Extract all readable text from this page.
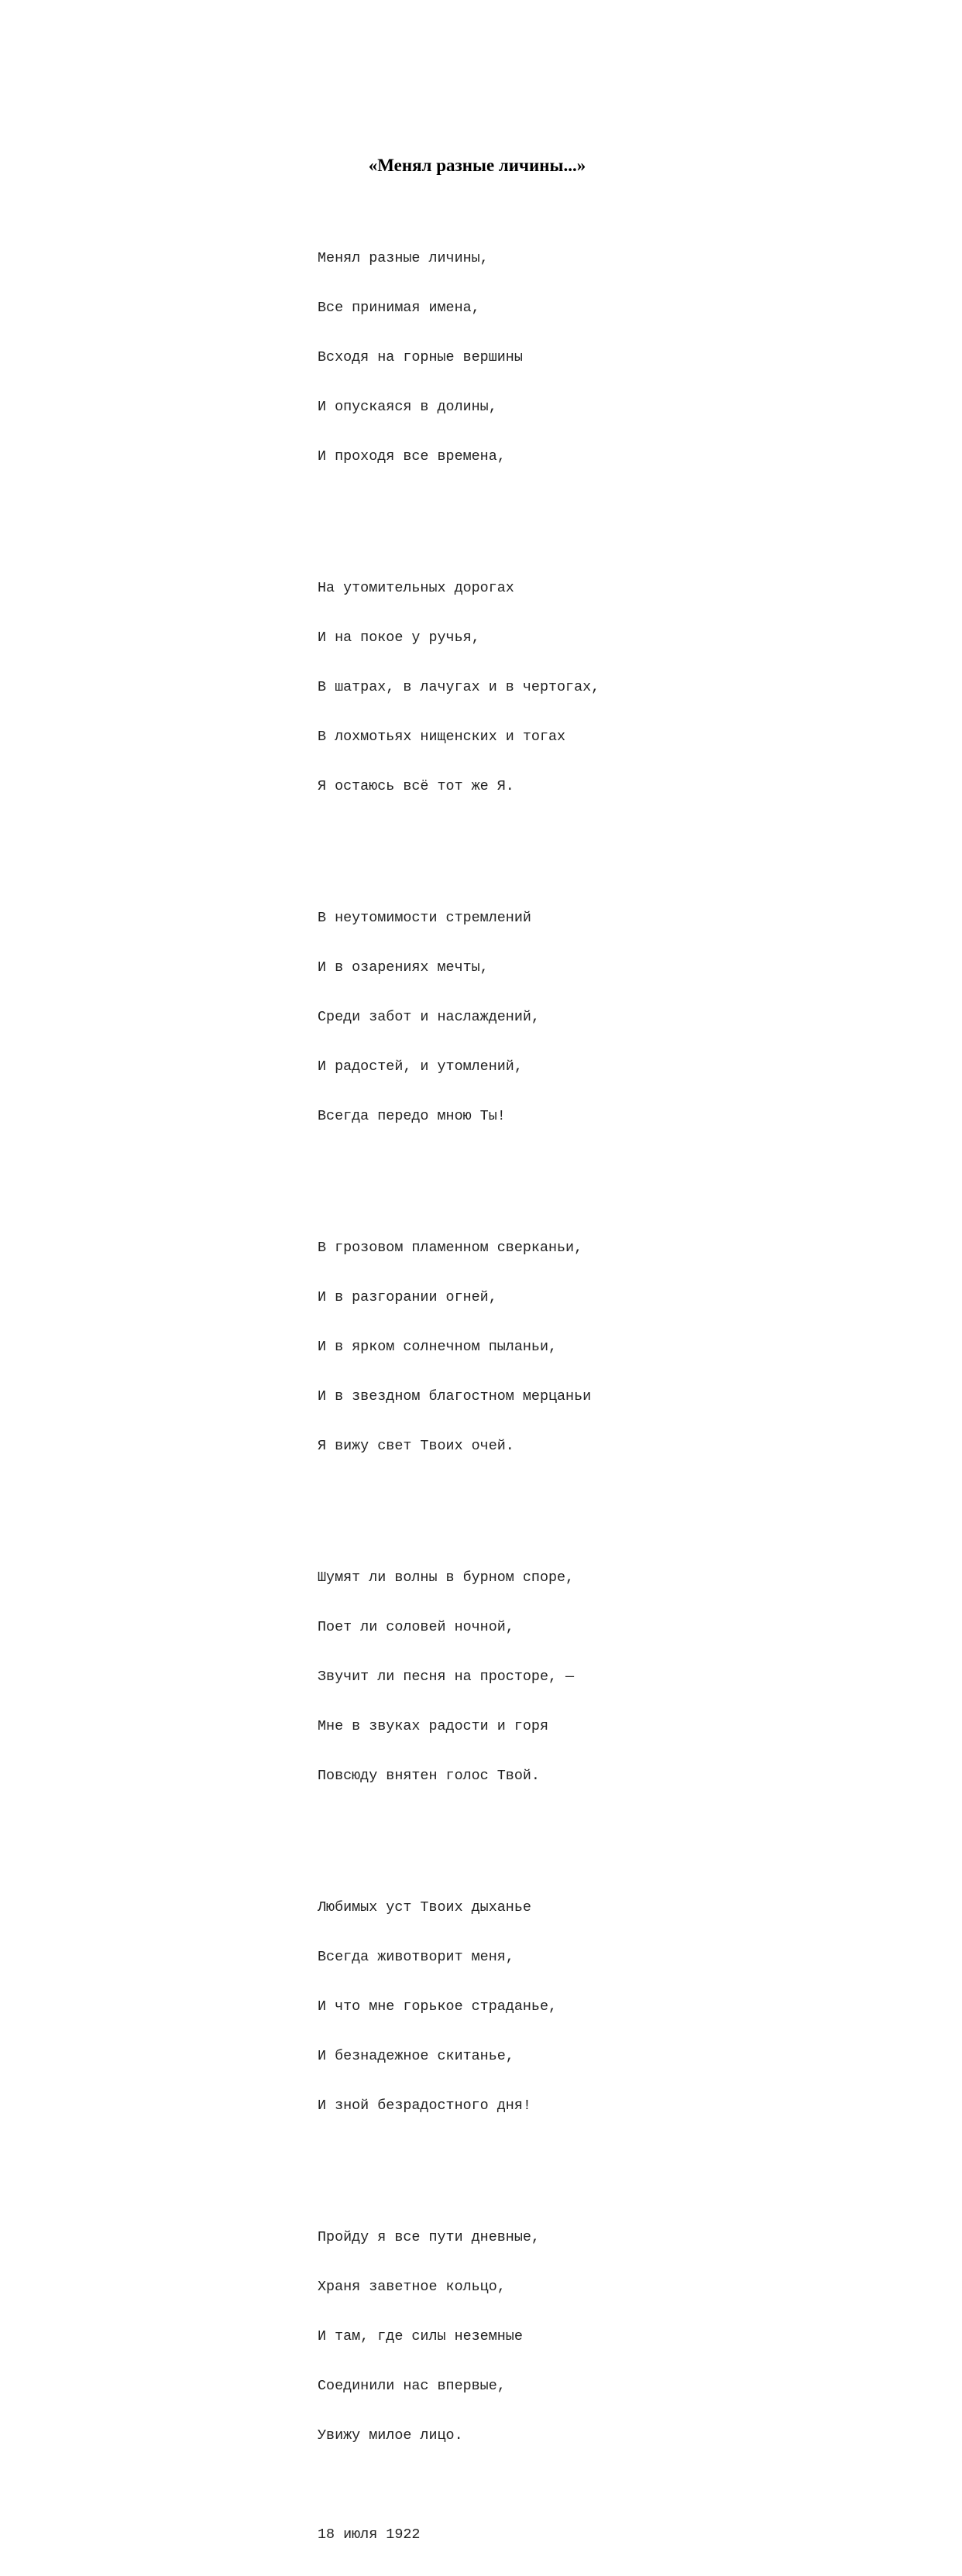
«Менял разные личины...»

Менял разные личины,

Все принимая имена,

Всходя на горные вершины

И опускаяся в долины,

И проходя все времена,

На утомительных дорогах

И на покое у ручья,

В шатрах, в лачугах и в чертогах,

В лохмотьях нищенских и тогах

Я остаюсь всё тот же Я.

В неутомимости стремлений

И в озарениях мечты,

Среди забот и наслаждений,

И радостей, и утомлений,

Всегда передо мною Ты!

В грозовом пламенном сверканьи,

И в разгорании огней,

И в ярком солнечном пыланьи,

И в звездном благостном мерцаньи

Я вижу свет Твоих очей.

Шумят ли волны в бурном споре,

Поет ли соловей ночной,

Звучит ли песня на просторе, —

Мне в звуках радости и горя

Повсюду внятен голос Твой.

Любимых уст Твоих дыханье

Всегда животворит меня,

И что мне горькое страданье,

И безнадежное скитанье,

И зной безрадостного дня!

Пройду я все пути дневные,

Храня заветное кольцо,

И там, где силы неземные

Соединили нас впервые,

Увижу милое лицо.

18 июля 1922
